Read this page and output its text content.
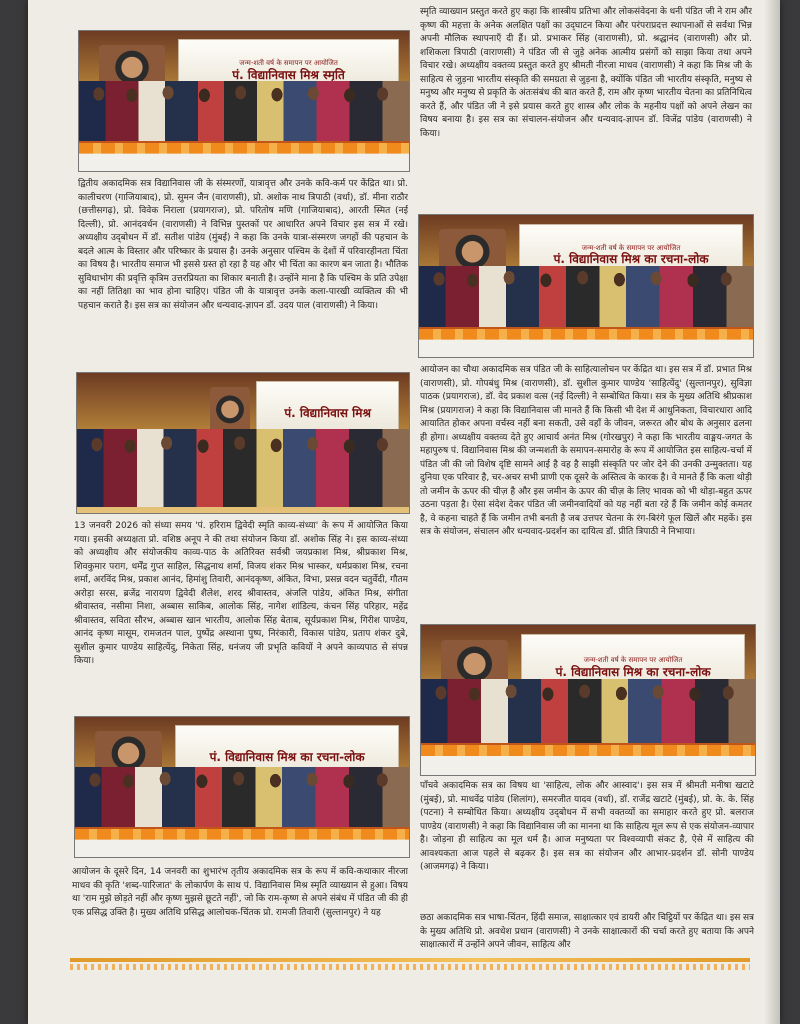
जन्म-शती वर्ष के समापन पर आयोजित
पं. विद्यानिवास मिश्र स्मृति

द्वितीय अकादमिक सत्र विद्यानिवास जी के संस्मरणों, यात्रावृत्त और उनके कवि-कर्म पर केंद्रित था। प्रो. कालीचरण (गाजियाबाद), प्रो. सुमन जैन (वाराणसी), प्रो. अशोक नाथ त्रिपाठी (वर्धा), डॉ. मीना राठौर (छत्तीसगढ़), प्रो. विवेक निराला (प्रयागराज), प्रो. परितोष मणि (गाजियाबाद), आरती स्मित (नई दिल्ली), प्रो. आनंदवर्धन (वाराणसी) ने विभिन्न पुस्तकों पर आधारित अपने विचार इस सत्र में रखे। अध्यक्षीय उद्‌बोधन में डॉ. सतीश पांडेय (मुंबई) ने कहा कि उनके यात्रा-संस्मरण जगहों की पहचान के बदले आत्म के विस्तार और परिष्कार के प्रयास है। उनके अनुसार पश्चिम के देशों में परिवारहीनता चिंता का विषय है। भारतीय समाज भी इससे ग्रस्त हो रहा है यह और भी चिंता का कारण बन जाता है। भौतिक सुविधाभोग की प्रवृत्ति कृत्रिम उत्तरप्रियता का शिकार बनाती है। उन्होंने माना है कि पश्चिम के प्रति उपेक्षा का नहीं तितिक्षा का भाव होना चाहिए। पंडित जी के यात्रावृत्त उनके कला-पारखी व्यक्तित्व की भी पहचान कराते है। इस सत्र का संयोजन और धन्यवाद-ज्ञापन डॉ. उदय पाल (वाराणसी) ने किया।

पं. विद्यानिवास मिश्र

13 जनवरी 2026 को संध्या समय 'पं. हरिराम द्विवेदी स्मृति काव्य-संध्या' के रूप में आयोजित किया गया। इसकी अध्यक्षता प्रो. वशिष्ठ अनूप ने की तथा संयोजन किया डॉ. अशोक सिंह ने। इस काव्य-संध्या को अध्यक्षीय और संयोजकीय काव्य-पाठ के अतिरिक्त सर्वश्री जयप्रकाश मिश्र, श्रीप्रकाश मिश्र, शिवकुमार पराग, धर्मेंद्र गुप्त साहिल, सिद्धनाथ शर्मा, विजय शंकर मिश्र भास्कर, धर्मप्रकाश मिश्र, रचना शर्मा, अरविंद मिश्र, प्रकाश आनंद, हिमांशु तिवारी, आनंदकृष्ण, अंकित, विभा, प्रसन्न वदन चतुर्वेदी, गौतम अरोड़ा सरस, ब्रजेंद्र नारायण द्विवेदी शैलेश, शरद श्रीवास्तव, अंजलि पांडेय, अंकित मिश्र, संगीता श्रीवास्तव, नसीमा निशा, अब्बास साकिब, आलोक सिंह, नागेश शांडिल्य, कंचन सिंह परिहार, महेंद्र श्रीवास्तव, सविता सौरभ, अब्बास खान भारतीय, आलोक सिंह बेताब, सूर्यप्रकाश मिश्र, गिरीश पाण्डेय, आनंद कृष्ण मासूम, रामजतन पाल, पुष्पेंद्र अस्थाना पुष्प, निरंकारी, विकास पांडेय, प्रताप शंकर दुबे, सुशील कुमार पाण्डेय साहित्येंदु, निकेता सिंह, धनंजय जी प्रभृति कवियों ने अपने काव्यपाठ से संपन्न किया।

पं. विद्यानिवास मिश्र का रचना-लोक

आयोजन के दूसरे दिन, 14 जनवरी का शुभारंभ तृतीय अकादमिक सत्र के रूप में कवि-कथाकार नीरजा माधव की कृति 'शब्द-पारिजात' के लोकार्पण के साथ पं. विद्यानिवास मिश्र स्मृति व्याख्यान से हुआ। विषय था 'राम मुझे छोड़ते नहीं और कृष्ण मुझसे छूटते नहीं', जो कि राम-कृष्ण से अपने संबंध में पंडित जी की ही एक प्रसिद्ध उक्ति है। मुख्य अतिथि प्रसिद्ध आलोचक-चिंतक प्रो. रामजी तिवारी (सुल्तानपुर) ने यह

स्मृति व्याख्यान प्रस्तुत करते हुए कहा कि शास्त्रीय प्रतिभा और लोकसंवेदना के धनी पंडित जी ने राम और कृष्ण की महत्ता के अनेक अलक्षित पक्षों का उद्‌घाटन किया और परंपराप्रदत्त स्थापनाओं से सर्वथा भिन्न अपनी मौलिक स्थापनाएँ दी हैं। प्रो. प्रभाकर सिंह (वाराणसी), प्रो. श्रद्धानंद (वाराणसी) और प्रो. शशिकला त्रिपाठी (वाराणसी) ने पंडित जी से जुड़े अनेक आत्मीय प्रसंगों को साझा किया तथा अपने विचार रखे। अध्यक्षीय वक्तव्य प्रस्तुत करते हुए श्रीमती नीरजा माधव (वाराणसी) ने कहा कि मिश्र जी के साहित्य से जुड़ना भारतीय संस्कृति की समग्रता से जुड़ना है, क्योंकि पंडित जी भारतीय संस्कृति, मनुष्य से मनुष्य और मनुष्य से प्रकृति के अंतःसंबंध की बात करते हैं, राम और कृष्ण भारतीय चेतना का प्रतिनिधित्व करते हैं, और पंडित जी ने इसे प्रयास करते हुए शास्त्र और लोक के महनीय पक्षों को अपने लेखन का विषय बनाया है। इस सत्र का संचालन-संयोजन और धन्यवाद-ज्ञापन डॉ. विजेंद्र पांडेय (वाराणसी) ने किया।

जन्म-शती वर्ष के समापन पर आयोजित
पं. विद्यानिवास मिश्र का रचना-लोक

आयोजन का चौथा अकादमिक सत्र पंडित जी के साहित्यालोचन पर केंद्रित था। इस सत्र में डॉ. प्रभात मिश्र (वाराणसी), प्रो. गोपबंधु मिश्र (वाराणसी), डॉ. सुशील कुमार पाण्डेय 'साहित्येंदु' (सुल्तानपुर), सुविज्ञा पाठक (प्रयागराज), डॉ. वेद प्रकाश वत्स (नई दिल्ली) ने सम्बोधित किया। सत्र के मुख्य अतिथि श्रीप्रकाश मिश्र (प्रयागराज) ने कहा कि विद्यानिवास जी मानते हैं कि किसी भी देश में आधुनिकता, विचारधारा आदि आयातित होकर अपना वर्चस्व नहीं बना सकती, उसे वहाँ के जीवन, जरूरत और बोध के अनुसार ढलना ही होगा। अध्यक्षीय वक्तव्य देते हुए आचार्य अनंत मिश्र (गोरखपुर) ने कहा कि भारतीय वाङ्मय-जगत के महापुरुष पं. विद्यानिवास मिश्र की जन्मशती के समापन-समारोह के रूप में आयोजित इस साहित्य-चर्चा में पंडित जी की जो विशेष दृष्टि सामने आई है वह है साझी संस्कृति पर जोर देने की उनकी उन्मुक्तता। यह दुनिया एक परिवार है, चर-अचर सभी प्राणी एक दूसरे के अस्तित्व के कारक है। वे मानते हैं कि कला थोड़ी तो जमीन के ऊपर की चीज़ है और इस जमीन के ऊपर की चीज़ के लिए भावक को भी थोड़ा-बहुत ऊपर उठना पड़ता है। ऐसा संदेश देकर पंडित जी जमीनवादियों को यह नहीं बता रहे हैं कि जमीन कोई कमतर है, वे कहना चाहते हैं कि जमीन तभी बनती है जब उत्तपर चेतना के रंग-बिरंगे फूल खिलें और महकें। इस सत्र के संयोजन, संचालन और धन्यवाद-प्रदर्शन का दायित्व डॉ. प्रीति त्रिपाठी ने निभाया।

जन्म-शती वर्ष के समापन पर आयोजित
पं. विद्यानिवास मिश्र का रचना-लोक

पाँचवे अकादमिक सत्र का विषय था 'साहित्य, लोक और आस्वाद'। इस सत्र में श्रीमती मनीषा खटाटे (मुंबई), प्रो. माधवेंद्र पांडेय (शिलांग), समरजीत यादव (वर्धा), डॉ. राजेंद्र खटाटे (मुंबई), प्रो. के. के. सिंह (पटना) ने सम्बोधित किया। अध्यक्षीय उद्‌बोधन में सभी वक्तव्यों का समाहार करते हुए प्रो. बलराज पाण्डेय (वाराणसी) ने कहा कि विद्यानिवास जी का मानना था कि साहित्य मूल रूप से एक संयोजन-व्यापार है। जोड़ना ही साहित्य का मूल धर्म है। आज मनुष्यता पर विश्वव्यापी संकट है, ऐसे में साहित्य की आवश्यकता आज पहले से बढ़कर है। इस सत्र का संयोजन और आभार-प्रदर्शन डॉ. सोनी पाण्डेय (आजमगढ़) ने किया।

छठा अकादमिक सत्र भाषा-चिंतन, हिंदी समाज, साक्षात्कार एवं डायरी और चिट्ठियों पर केंद्रित था। इस सत्र के मुख्य अतिथि प्रो. अवधेश प्रधान (वाराणसी) ने उनके साक्षात्कारों की चर्चा करते हुए बताया कि अपने साक्षात्कारों में उन्होंने अपने जीवन, साहित्य और
